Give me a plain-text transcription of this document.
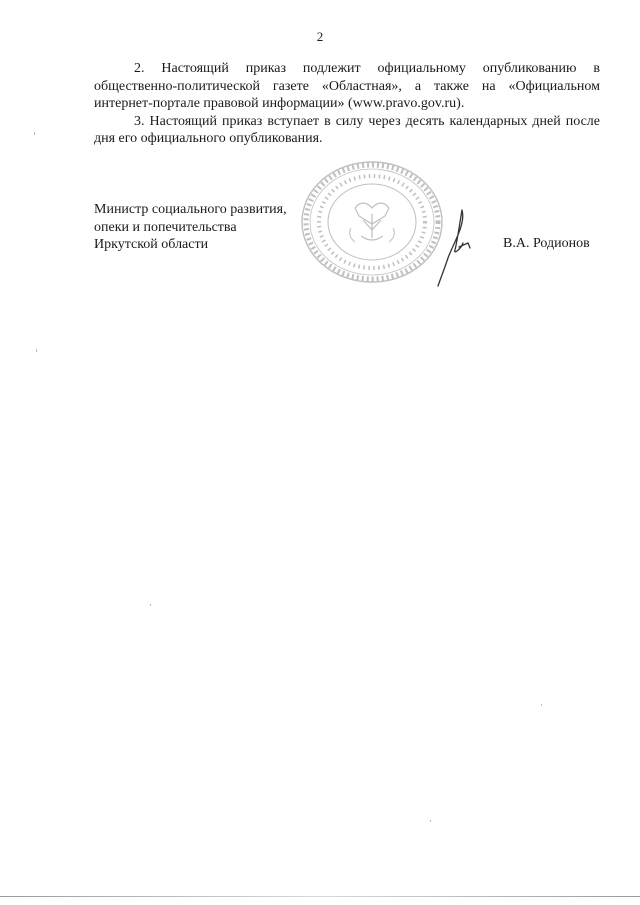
2

2. Настоящий приказ подлежит официальному опубликованию в общественно-политической газете «Областная», а также на «Официальном интернет-портале правовой информации» (www.pravo.gov.ru).

3. Настоящий приказ вступает в силу через десять календарных дней после дня его официального опубликования.

Министр социального развития,
опеки и попечительства
Иркутской области	В.А. Родионов
